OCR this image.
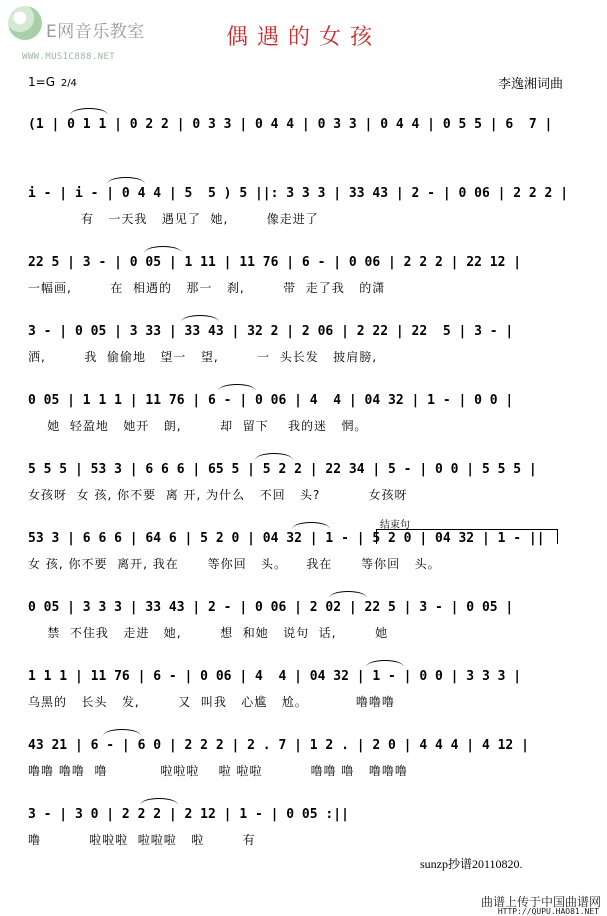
E网音乐教室
WWW.MUSIC888.NET
偶遇的女孩
1=G 2/4	李逸湘词曲
(1 | 0 1 1 | 0 2 2 | 0 3 3 | 0 4 4 | 0 3 3 | 0 4 4 | 0 5 5 | 6  7 |
i - | i - | 0 4 4 | 5  5 ) 5 ||: 3 3 3 | 33 43 | 2 - | 0 06 | 2 2 2 |
有   一天我   遇见了  她,        像走进了
22 5 | 3 - | 0 05 | 1 11 | 11 76 | 6 - | 0 06 | 2 2 2 | 22 12 |
一幅画,        在  相遇的   那一   刹,        带  走了我   的潇
3 - | 0 05 | 3 33 | 33 43 | 32 2 | 2 06 | 2 22 | 22  5 | 3 - |
洒,        我  偷偷地   望一   望,        一  头长发   披肩膀,
0 05 | 1 1 1 | 11 76 | 6 - | 0 06 | 4  4 | 04 32 | 1 - | 0 0 |
她  轻盈地   她开   朗,        却  留下    我的迷   惘。
5 5 5 | 53 3 | 6 6 6 | 65 5 | 5 2 2 | 22 34 | 5 - | 0 0 | 5 5 5 |
女孩呀  女 孩, 你不要  离 开, 为什么   不回   头?          女孩呀
53 3 | 6 6 6 | 64 6 | 5 2 0 | 04 32 | 1 - | 5 2 0 | 04 32 | 1 - ||
女 孩, 你不要  离开, 我在      等你回   头。    我在      等你回   头。
0 05 | 3 3 3 | 33 43 | 2 - | 0 06 | 2 02 | 22 5 | 3 - | 0 05 |
禁  不住我   走进   她,        想  和她   说句  话,        她
1 1 1 | 11 76 | 6 - | 0 06 | 4  4 | 04 32 | 1 - | 0 0 | 3 3 3 |
乌黑的   长头   发,        又  叫我   心尴   尬。          噜噜噜
43 21 | 6 - | 6 0 | 2 2 2 | 2 . 7 | 1 2 . | 2 0 | 4 4 4 | 4 12 |
噜噜 噜噜  噜           啦啦啦    啦 啦啦          噜噜 噜   噜噜噜
3 - | 3 0 | 2 2 2 | 2 12 | 1 - | 0 05 :||
噜          啦啦啦  啦啦啦   啦        有
结束句
sunzp抄谱20110820.
曲谱上传于中国曲谱网
HTTP://QUPU.HAO81.NET
